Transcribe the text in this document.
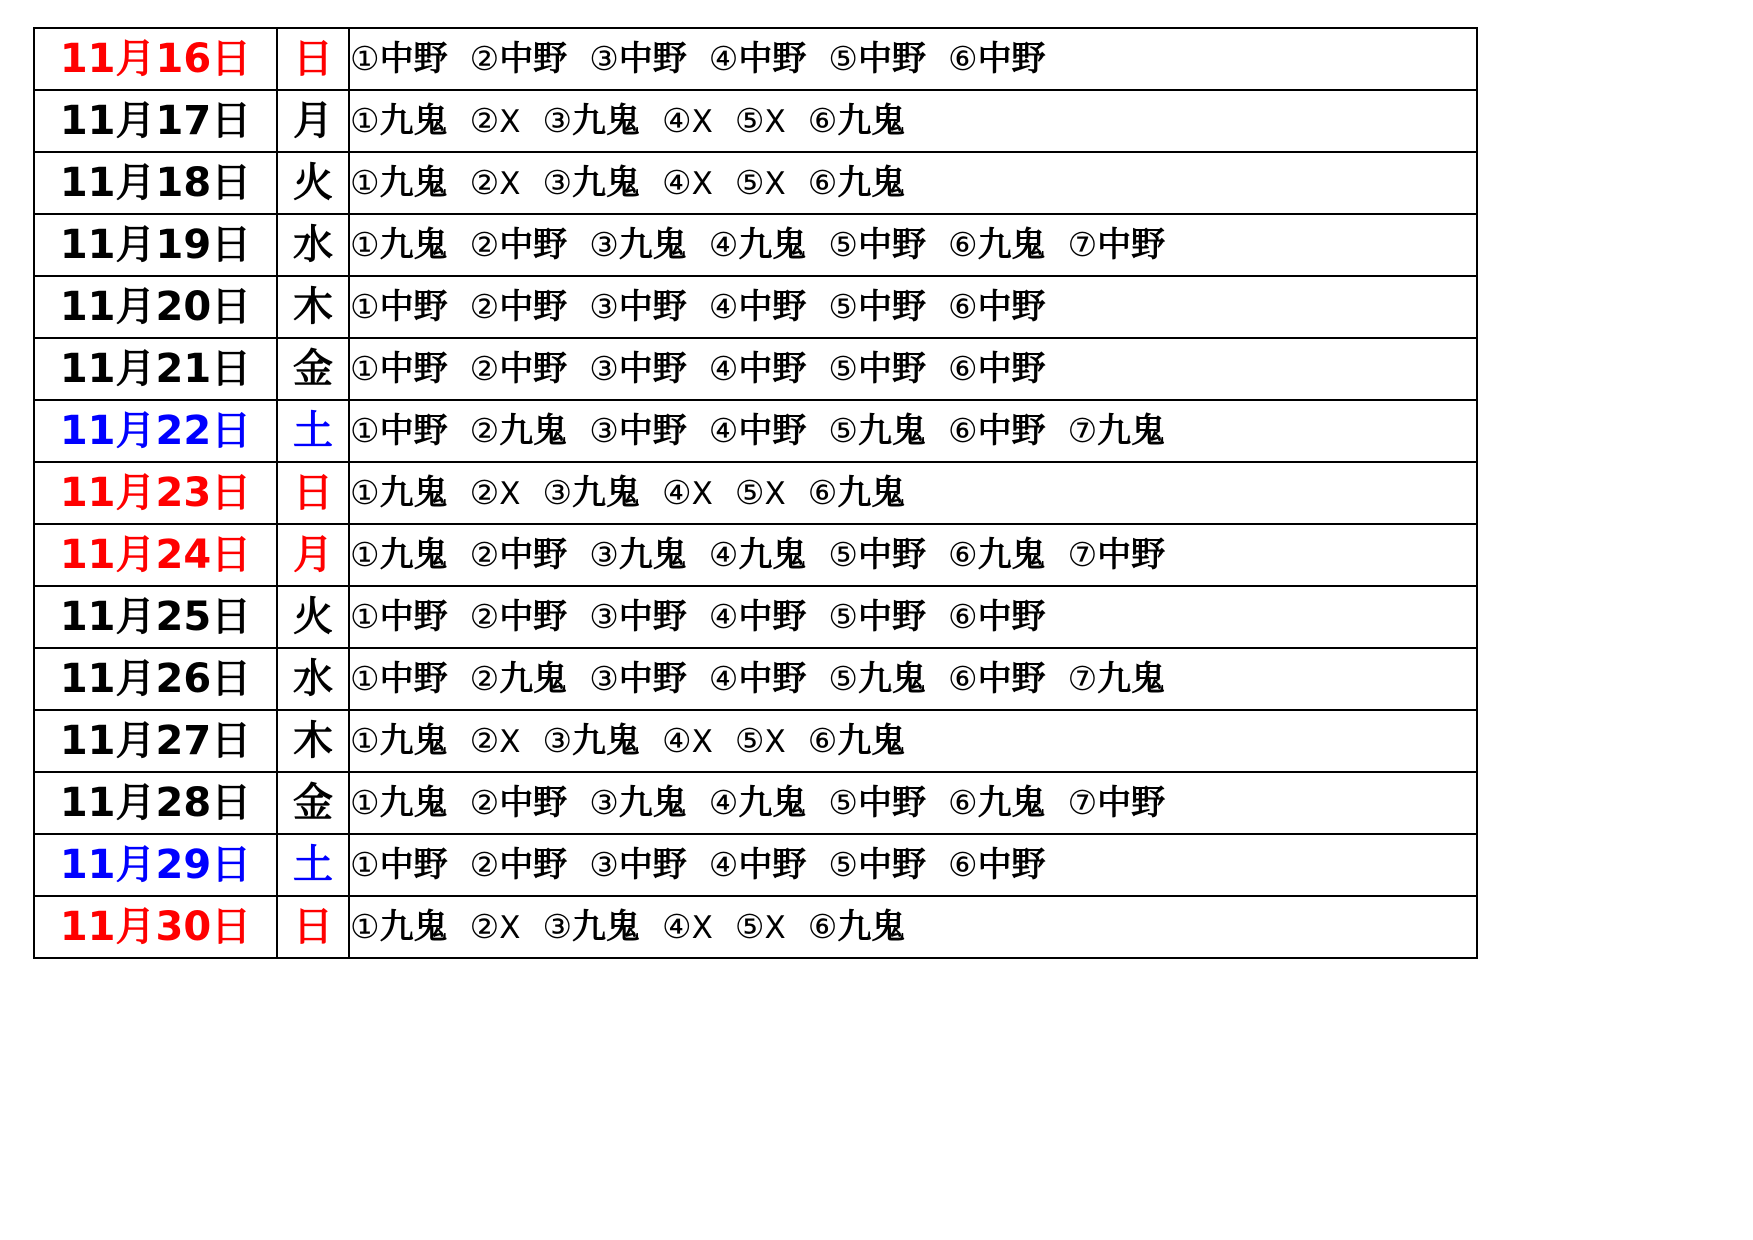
11月16日	日	①中野 ②中野 ③中野 ④中野 ⑤中野 ⑥中野
11月17日	月	①九鬼 ②X ③九鬼 ④X ⑤X ⑥九鬼
11月18日	火	①九鬼 ②X ③九鬼 ④X ⑤X ⑥九鬼
11月19日	水	①九鬼 ②中野 ③九鬼 ④九鬼 ⑤中野 ⑥九鬼 ⑦中野
11月20日	木	①中野 ②中野 ③中野 ④中野 ⑤中野 ⑥中野
11月21日	金	①中野 ②中野 ③中野 ④中野 ⑤中野 ⑥中野
11月22日	土	①中野 ②九鬼 ③中野 ④中野 ⑤九鬼 ⑥中野 ⑦九鬼
11月23日	日	①九鬼 ②X ③九鬼 ④X ⑤X ⑥九鬼
11月24日	月	①九鬼 ②中野 ③九鬼 ④九鬼 ⑤中野 ⑥九鬼 ⑦中野
11月25日	火	①中野 ②中野 ③中野 ④中野 ⑤中野 ⑥中野
11月26日	水	①中野 ②九鬼 ③中野 ④中野 ⑤九鬼 ⑥中野 ⑦九鬼
11月27日	木	①九鬼 ②X ③九鬼 ④X ⑤X ⑥九鬼
11月28日	金	①九鬼 ②中野 ③九鬼 ④九鬼 ⑤中野 ⑥九鬼 ⑦中野
11月29日	土	①中野 ②中野 ③中野 ④中野 ⑤中野 ⑥中野
11月30日	日	①九鬼 ②X ③九鬼 ④X ⑤X ⑥九鬼
